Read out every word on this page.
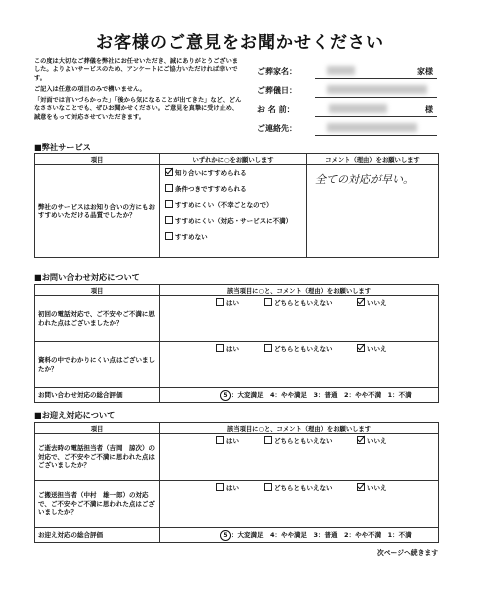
お客様のご意見をお聞かせください

この度は大切なご葬儀を弊社にお任せいただき、誠にありがとうございました。よりよいサービスのため、アンケートにご協力いただければ幸いです。

ご記入は任意の項目のみで構いません。

「対面では言いづらかった」「後から気になることが出てきた」など、どんなささいなことでも、ぜひお聞かせください。ご意見を真摯に受け止め、誠意をもって対応させていただきます。

ご葬家名：	家様
ご葬儀日：
お 名 前：	様
ご連絡先：
■弊社サービス
項目	いずれかに○をお願いします	コメント（理由）をお願いします
弊社のサービスはお知り合いの方にもおすすめいただける品質でしたか？	知り合いにすすめられる
条件つきですすめられる
すすめにくい（不幸ごとなので）
すすめにくい（対応・サービスに不満）
すすめない	全ての対応が早い。
■お問い合わせ対応について
項目	該当項目に○と、コメント（理由）をお願いします
初回の電話対応で、ご不安やご不満に思われた点はございましたか？	はい どちらともいえない いいえ

資料の中でわかりにくい点はございましたか？	はい どちらともいえない いいえ

お問い合わせ対応の総合評価	5 ：大変満足　4：やや満足　3：普通　2：やや不満　1：不満
■お迎え対応について
項目	該当項目に○と、コメント（理由）をお願いします
ご逝去時の電話担当者（吉岡　諒次）の対応で、ご不安やご不満に思われた点はございましたか？	はい どちらともいえない いいえ

ご搬送担当者（中村　雄一郎）の対応で、ご不安やご不満に思われた点はございましたか？	はい どちらともいえない いいえ

お迎え対応の総合評価	5 ：大変満足　4：やや満足　3：普通　2：やや不満　1：不満
次ページへ続きます
